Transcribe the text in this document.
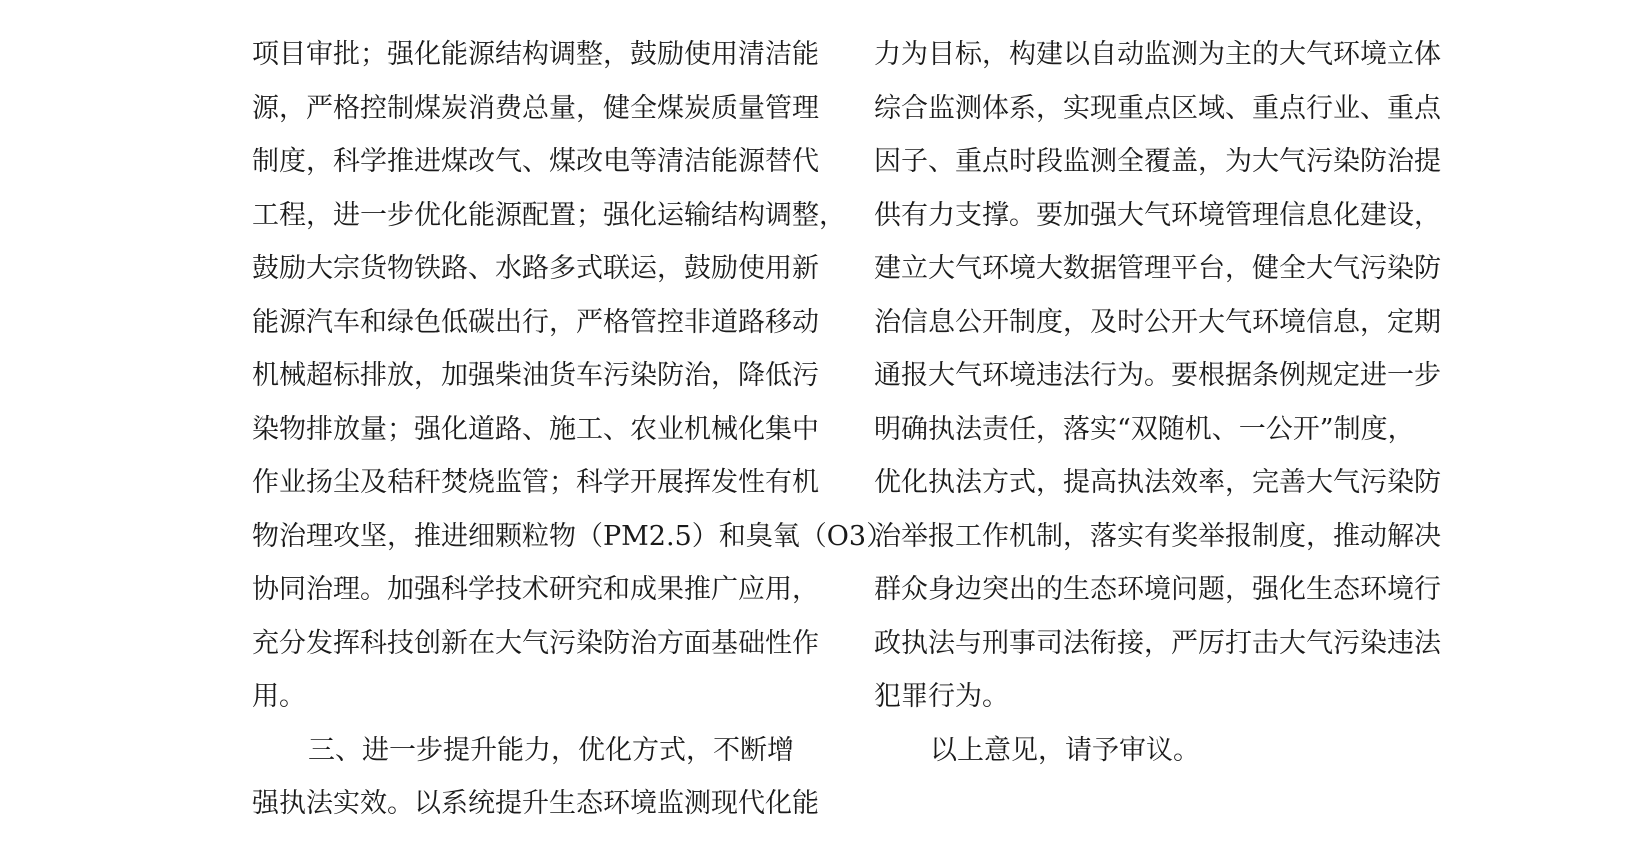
项目审批；强化能源结构调整，鼓励使用清洁能
源，严格控制煤炭消费总量，健全煤炭质量管理
制度，科学推进煤改气、煤改电等清洁能源替代
工程，进一步优化能源配置；强化运输结构调整，
鼓励大宗货物铁路、水路多式联运，鼓励使用新
能源汽车和绿色低碳出行，严格管控非道路移动
机械超标排放，加强柴油货车污染防治，降低污
染物排放量；强化道路、施工、农业机械化集中
作业扬尘及秸秆焚烧监管；科学开展挥发性有机
物治理攻坚，推进细颗粒物（PM2.5）和臭氧（O3）
协同治理。加强科学技术研究和成果推广应用，
充分发挥科技创新在大气污染防治方面基础性作
用。
三、进一步提升能力，优化方式，不断增
强执法实效。以系统提升生态环境监测现代化能
力为目标，构建以自动监测为主的大气环境立体
综合监测体系，实现重点区域、重点行业、重点
因子、重点时段监测全覆盖，为大气污染防治提
供有力支撑。要加强大气环境管理信息化建设，
建立大气环境大数据管理平台，健全大气污染防
治信息公开制度，及时公开大气环境信息，定期
通报大气环境违法行为。要根据条例规定进一步
明确执法责任，落实“双随机、一公开”制度，
优化执法方式，提高执法效率，完善大气污染防
治举报工作机制，落实有奖举报制度，推动解决
群众身边突出的生态环境问题，强化生态环境行
政执法与刑事司法衔接，严厉打击大气污染违法
犯罪行为。
以上意见，请予审议。
